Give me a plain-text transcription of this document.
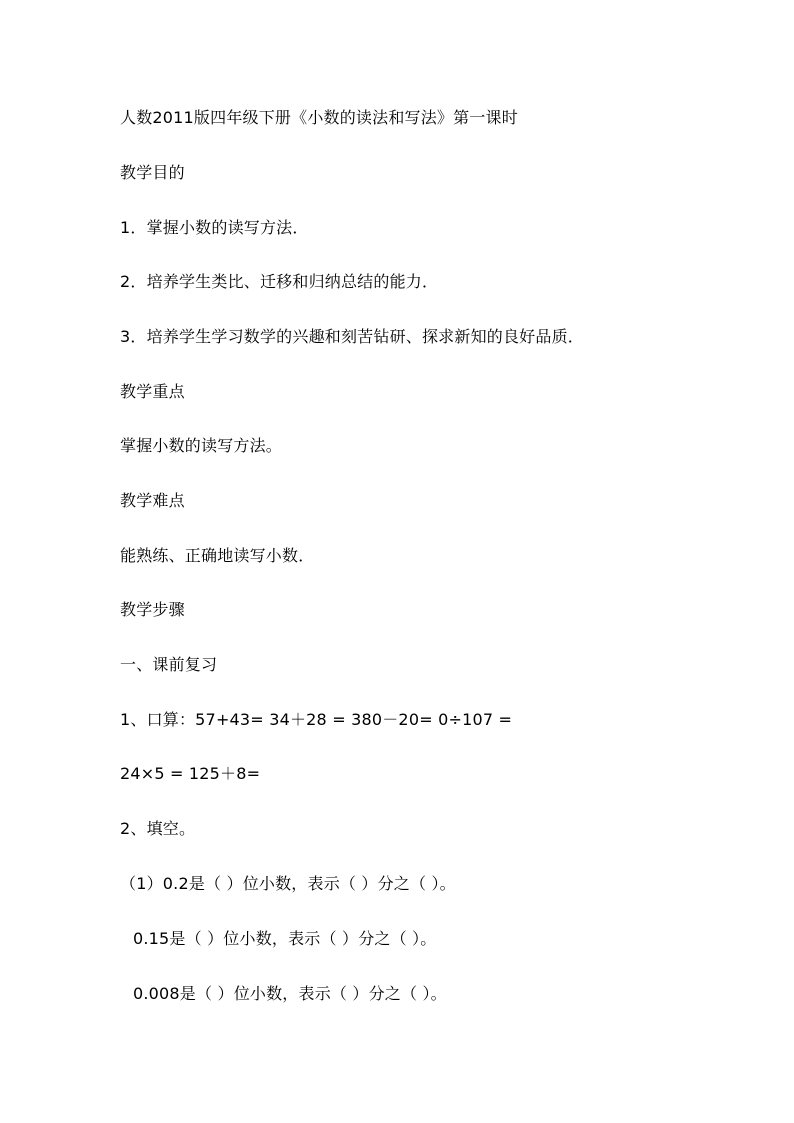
人数2011版四年级下册《小数的读法和写法》第一课时
教学目的
1．掌握小数的读写方法．
2．培养学生类比、迁移和归纳总结的能力．
3．培养学生学习数学的兴趣和刻苦钻研、探求新知的良好品质．
教学重点
掌握小数的读写方法。
教学难点
能熟练、正确地读写小数．
教学步骤
一、课前复习
1、口算：57+43= 34＋28 = 380－20= 0÷107 =
24×5 = 125＋8=
2、填空。
（1）0.2是（ ）位小数，表示（ ）分之（ ）。
0.15是（ ）位小数，表示（ ）分之（ ）。
0.008是（ ）位小数，表示（ ）分之（ ）。
